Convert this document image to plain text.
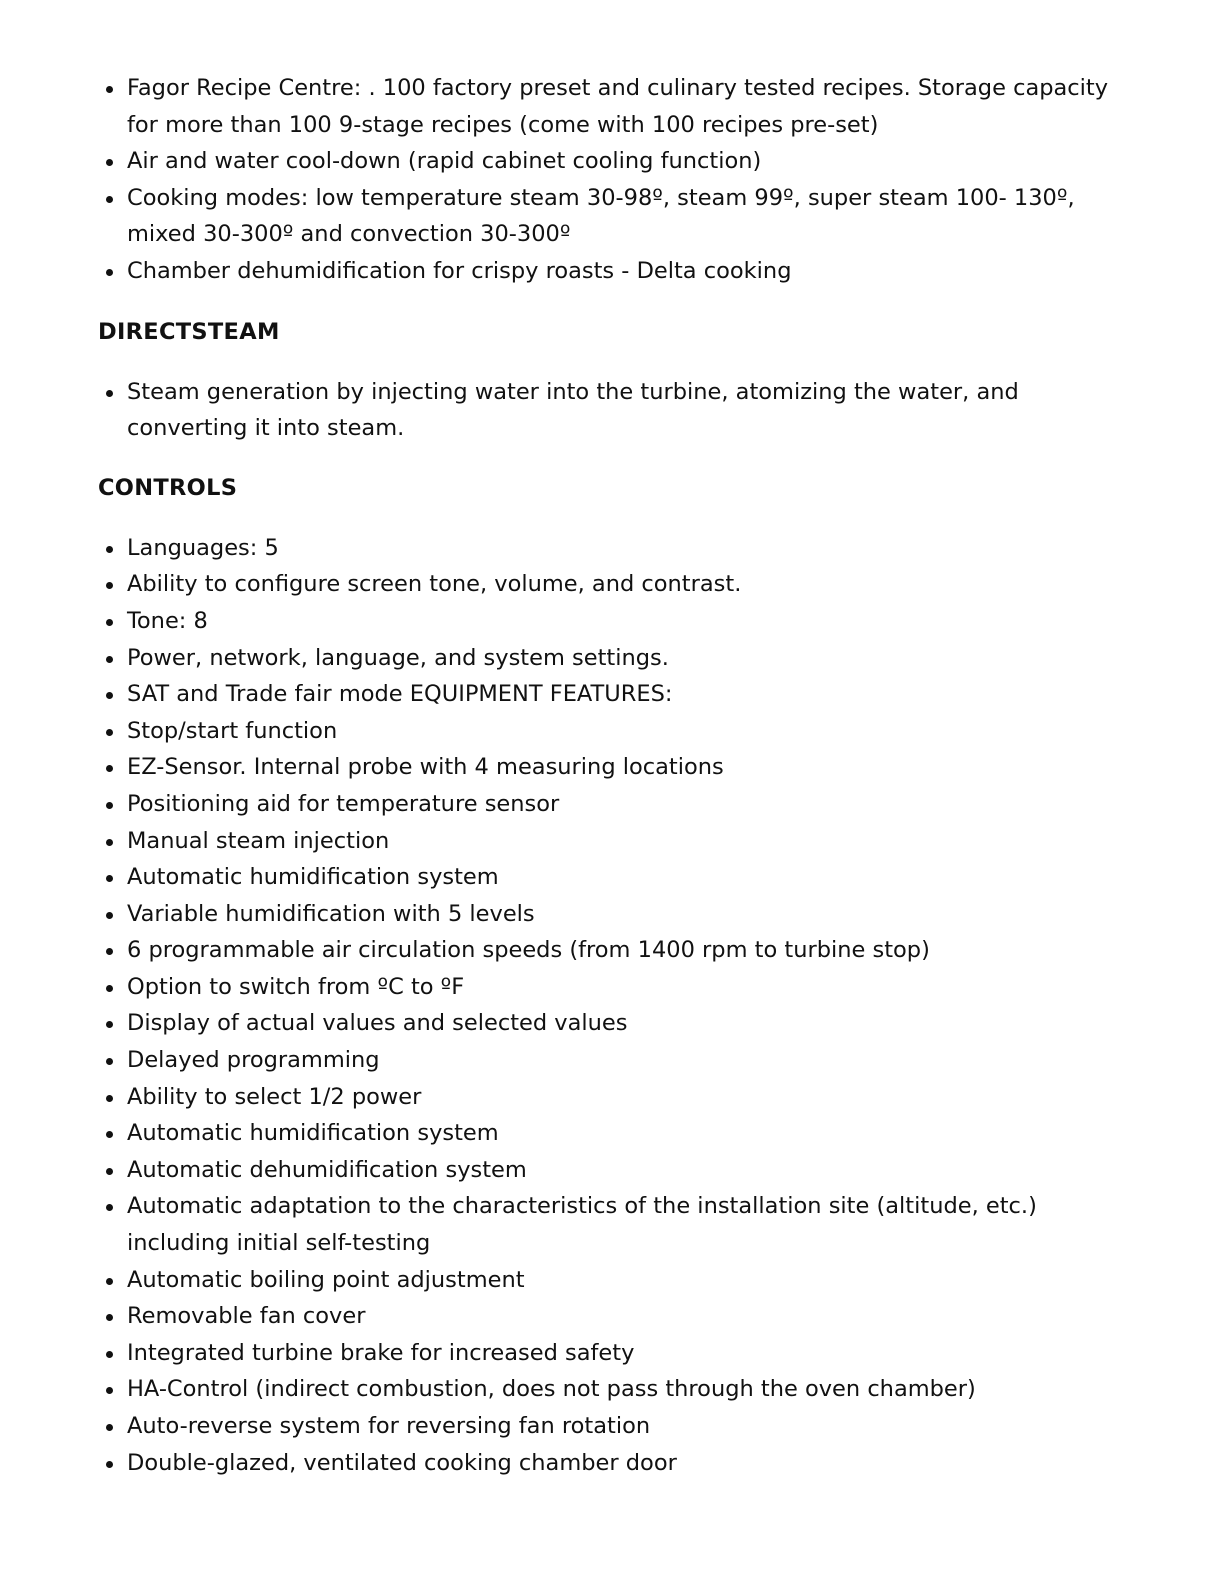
Fagor Recipe Centre: . 100 factory preset and culinary tested recipes. Storage capacity for more than 100 9-stage recipes (come with 100 recipes pre-set)
Air and water cool-down (rapid cabinet cooling function)
Cooking modes: low temperature steam 30-98º, steam 99º, super steam 100- 130º, mixed 30-300º and convection 30-300º
Chamber dehumidification for crispy roasts - Delta cooking
DIRECTSTEAM
Steam generation by injecting water into the turbine, atomizing the water, and converting it into steam.
CONTROLS
Languages: 5
Ability to configure screen tone, volume, and contrast.
Tone: 8
Power, network, language, and system settings.
SAT and Trade fair mode EQUIPMENT FEATURES:
Stop/start function
EZ-Sensor. Internal probe with 4 measuring locations
Positioning aid for temperature sensor
Manual steam injection
Automatic humidification system
Variable humidification with 5 levels
6 programmable air circulation speeds (from 1400 rpm to turbine stop)
Option to switch from ºC to ºF
Display of actual values and selected values
Delayed programming
Ability to select 1/2 power
Automatic humidification system
Automatic dehumidification system
Automatic adaptation to the characteristics of the installation site (altitude, etc.) including initial self-testing
Automatic boiling point adjustment
Removable fan cover
Integrated turbine brake for increased safety
HA-Control (indirect combustion, does not pass through the oven chamber)
Auto-reverse system for reversing fan rotation
Double-glazed, ventilated cooking chamber door
